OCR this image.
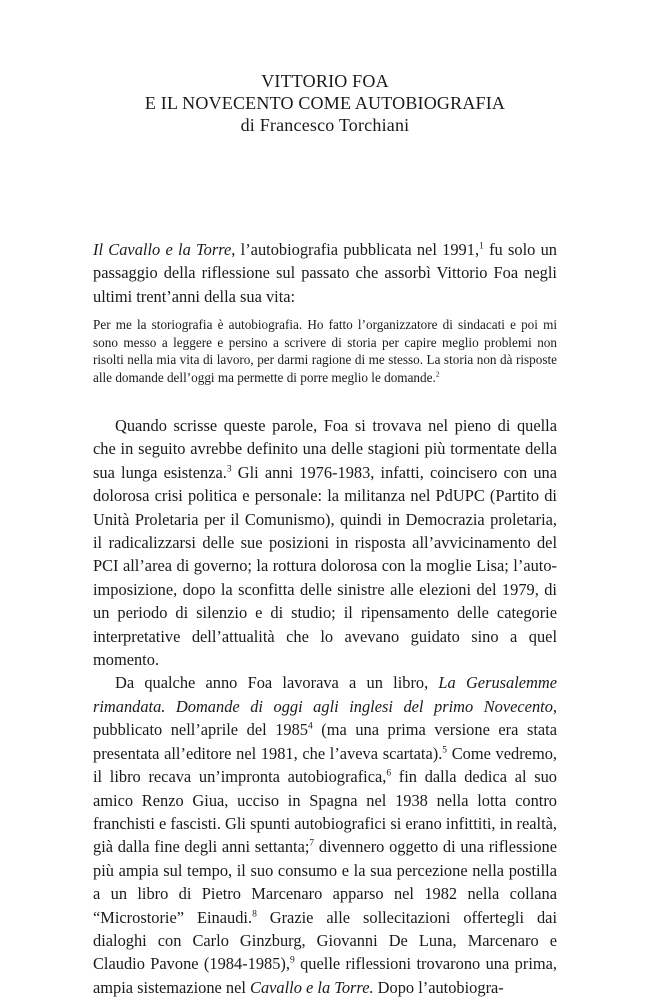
VITTORIO FOA
E IL NOVECENTO COME AUTOBIOGRAFIA
di Francesco Torchiani
Il Cavallo e la Torre, l’autobiografia pubblicata nel 1991,$^1$ fu solo un passaggio della riflessione sul passato che assorbì Vittorio Foa negli ultimi trent’anni della sua vita:
Per me la storiografia è autobiografia. Ho fatto l’organizzatore di sindacati e poi mi sono messo a leggere e persino a scrivere di storia per capire meglio problemi non risolti nella mia vita di lavoro, per darmi ragione di me stesso. La storia non dà risposte alle domande dell’oggi ma permette di porre meglio le domande.$^2$

Quando scrisse queste parole, Foa si trovava nel pieno di quella che in seguito avrebbe definito una delle stagioni più tormentate della sua lunga esistenza.$^3$ Gli anni 1976-1983, infatti, coincisero con una dolorosa crisi politica e personale: la militanza nel PdUPC (Partito di Unità Proletaria per il Comunismo), quindi in Democrazia proletaria, il radicalizzarsi delle sue posizioni in risposta all’avvicinamento del PCI all’area di governo; la rottura dolorosa con la moglie Lisa; l’auto-imposizione, dopo la sconfitta delle sinistre alle elezioni del 1979, di un periodo di silenzio e di studio; il ripensamento delle categorie interpretative dell’attualità che lo avevano guidato sino a quel momento.

Da qualche anno Foa lavorava a un libro, La Gerusalemme rimandata. Domande di oggi agli inglesi del primo Novecento, pubblicato nell’aprile del 1985$^4$ (ma una prima versione era stata presentata all’editore nel 1981, che l’aveva scartata).$^5$ Come vedremo, il libro recava un’impronta autobiografica,$^6$ fin dalla dedica al suo amico Renzo Giua, ucciso in Spagna nel 1938 nella lotta contro franchisti e fascisti. Gli spunti autobiografici si erano infittiti, in realtà, già dalla fine degli anni settanta;$^7$ divennero oggetto di una riflessione più ampia sul tempo, il suo consumo e la sua percezione nella postilla a un libro di Pietro Marcenaro apparso nel 1982 nella collana “Microstorie” Einaudi.$^8$ Grazie alle sollecitazioni offertegli dai dialoghi con Carlo Ginzburg, Giovanni De Luna, Marcenaro e Claudio Pavone (1984-1985),$^9$ quelle riflessioni trovarono una prima, ampia sistemazione nel Cavallo e la Torre. Dopo l’autobiogra-
